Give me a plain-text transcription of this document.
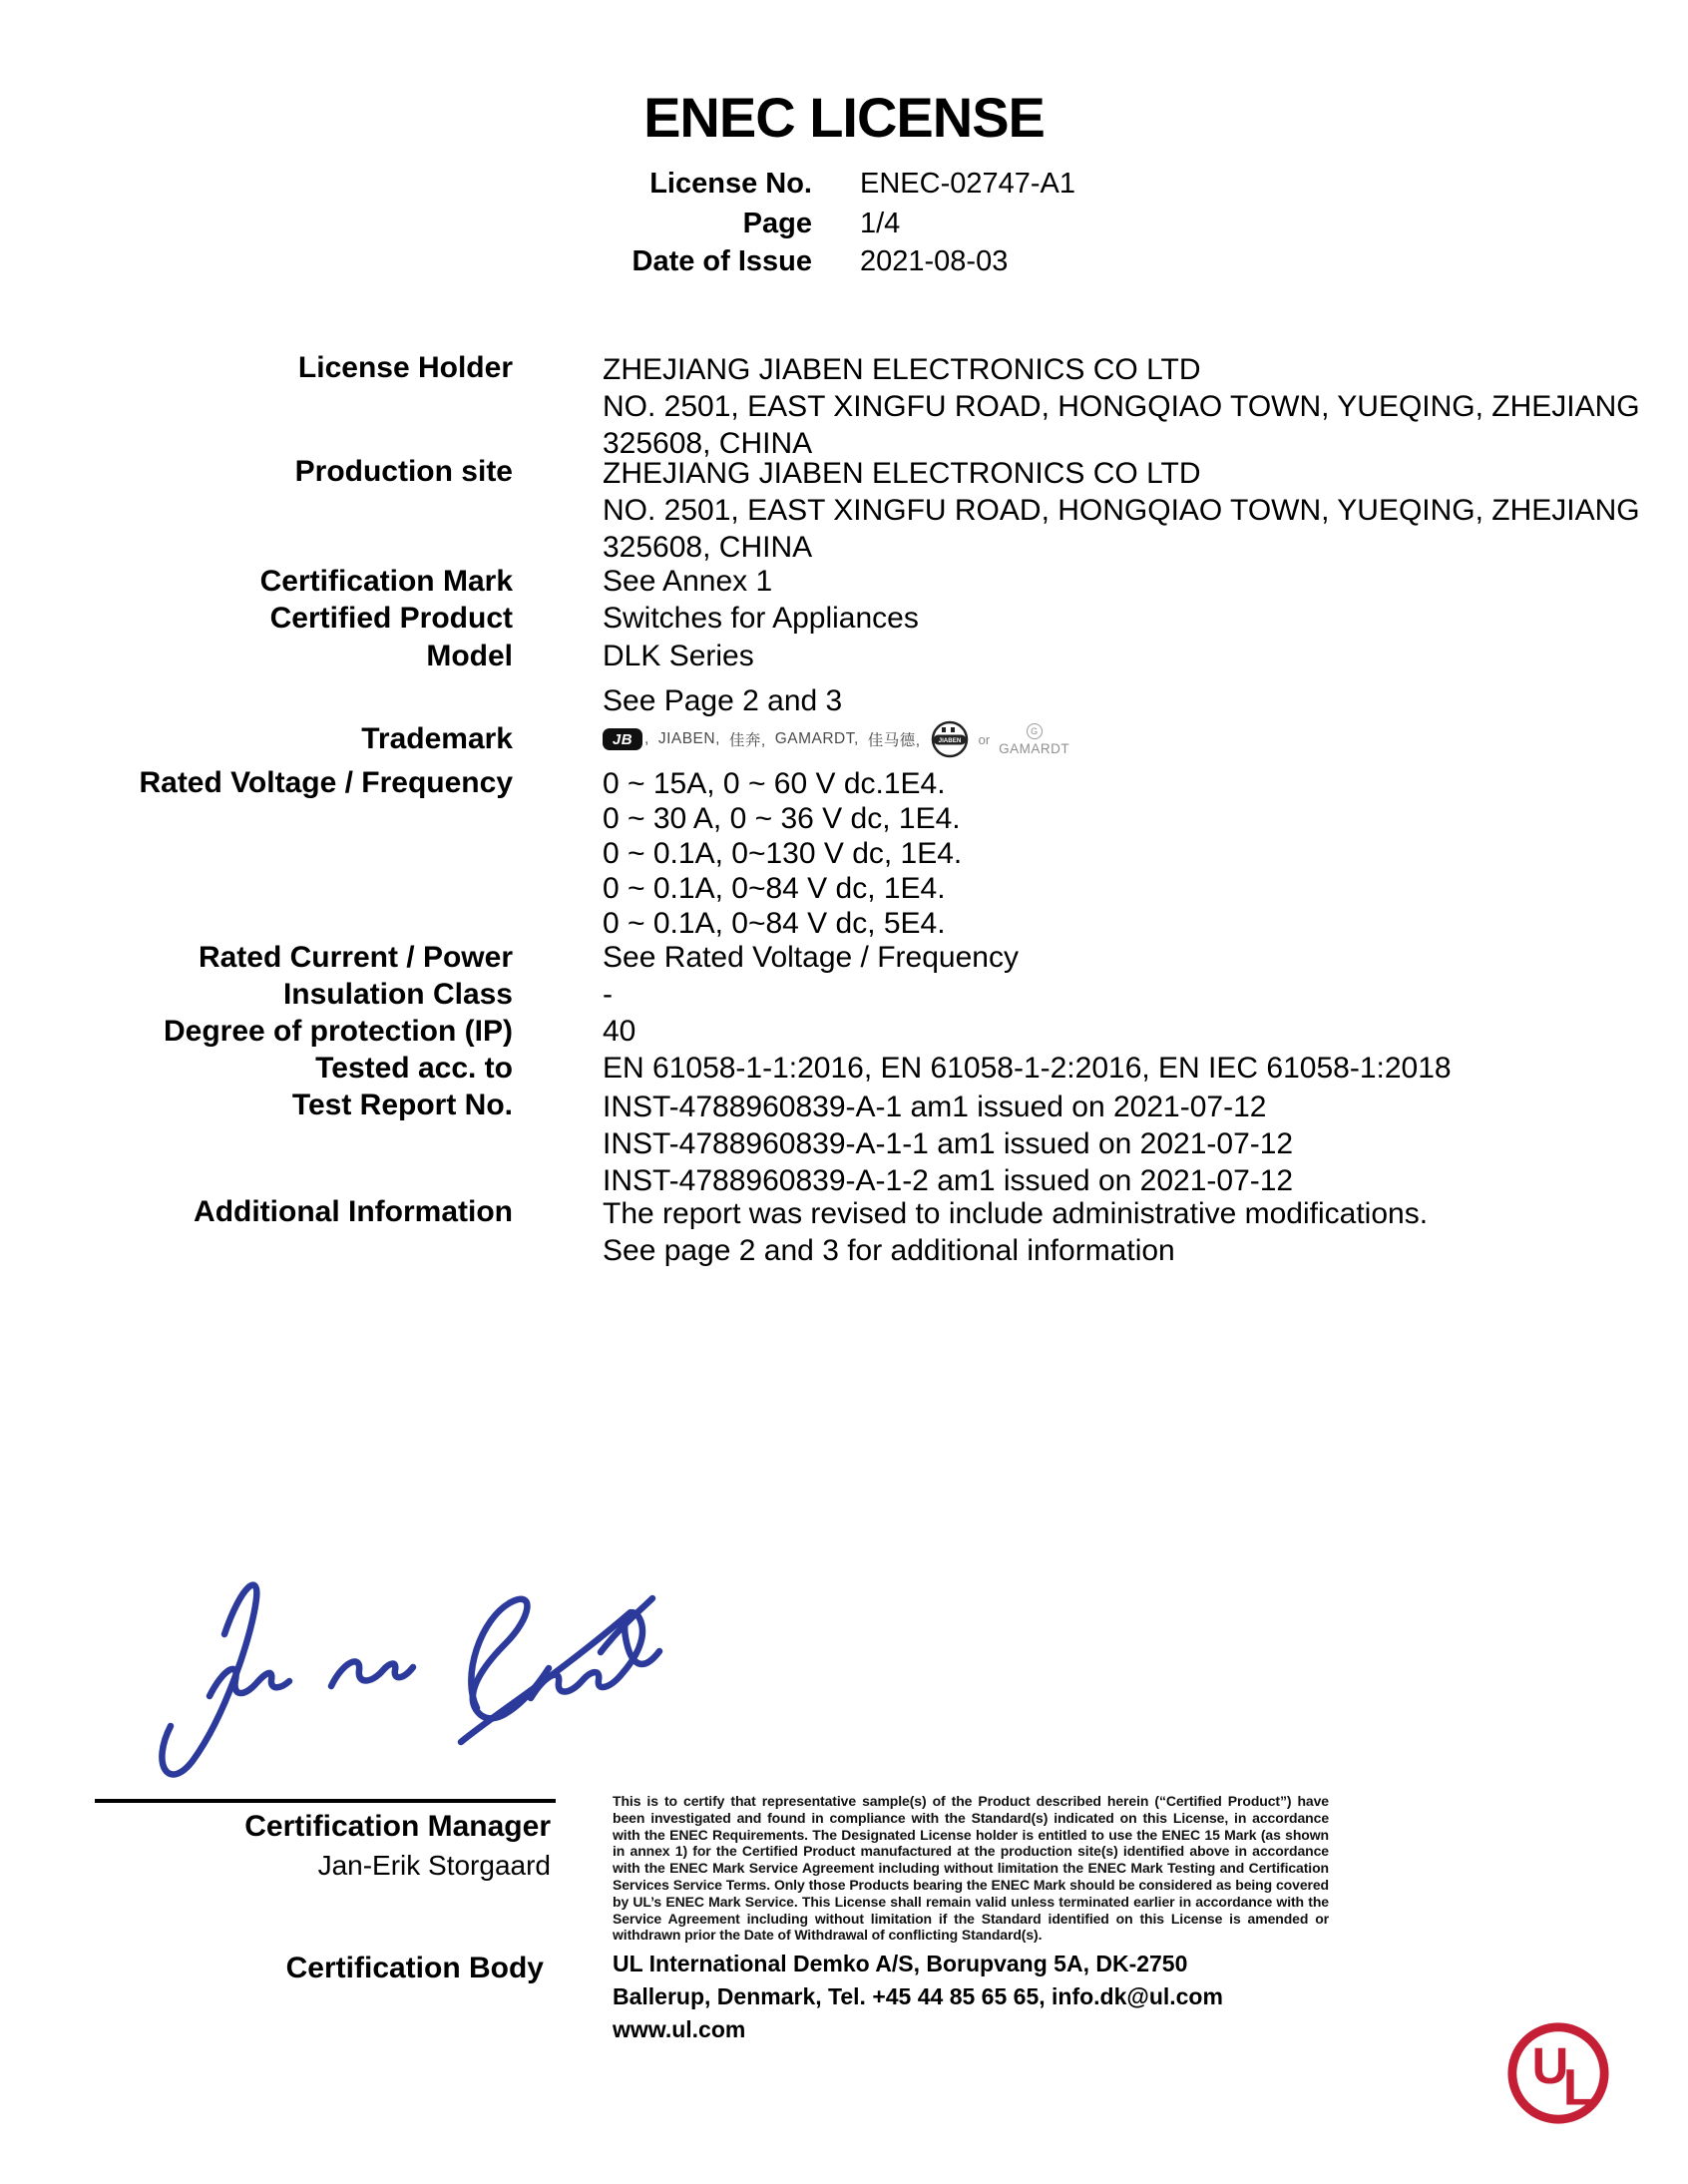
ENEC LICENSE
License No. ENEC-02747-A1
Page 1/4
Date of Issue 2021-08-03
License Holder	ZHEJIANG JIABEN ELECTRONICS CO LTD
NO. 2501, EAST XINGFU ROAD, HONGQIAO TOWN, YUEQING, ZHEJIANG
325608, CHINA
Production site	ZHEJIANG JIABEN ELECTRONICS CO LTD
NO. 2501, EAST XINGFU ROAD, HONGQIAO TOWN, YUEQING, ZHEJIANG
325608, CHINA
Certification Mark	See Annex 1
Certified Product	Switches for Appliances
Model	DLK Series
See Page 2 and 3
Trademark	JB , JIABEN, 佳奔, GAMARDT, 佳马德,	JIABEN or
G
GAMARDT
Rated Voltage / Frequency	0 ~ 15A, 0 ~ 60 V dc.1E4.
0 ~ 30 A, 0 ~ 36 V dc, 1E4.
0 ~ 0.1A, 0~130 V dc, 1E4.
0 ~ 0.1A, 0~84 V dc, 1E4.
0 ~ 0.1A, 0~84 V dc, 5E4.
Rated Current / Power	See Rated Voltage / Frequency
Insulation Class	-
Degree of protection (IP)	40
Tested acc. to	EN 61058-1-1:2016, EN 61058-1-2:2016, EN IEC 61058-1:2018
Test Report No.	INST-4788960839-A-1 am1 issued on 2021-07-12
INST-4788960839-A-1-1 am1 issued on 2021-07-12
INST-4788960839-A-1-2 am1 issued on 2021-07-12
Additional Information	The report was revised to include administrative modifications.
See page 2 and 3 for additional information
Certification Manager
Jan-Erik Storgaard
This is to certify that representative sample(s) of the Product described herein (“Certified Product”) have been investigated and found in compliance with the Standard(s) indicated on this License, in accordance with the ENEC Requirements. The Designated License holder is entitled to use the ENEC 15 Mark (as shown in annex 1) for the Certified Product manufactured at the production site(s) identified above in accordance with the ENEC Mark Service Agreement including without limitation the ENEC Mark Testing and Certification Services Service Terms. Only those Products bearing the ENEC Mark should be considered as being covered by UL’s ENEC Mark Service. This License shall remain valid unless terminated earlier in accordance with the Service Agreement including without limitation if the Standard identified on this License is amended or withdrawn prior the Date of Withdrawal of conflicting Standard(s).
Certification Body	UL International Demko A/S, Borupvang 5A, DK-2750
Ballerup, Denmark, Tel. +45 44 85 65 65, info.dk@ul.com
www.ul.com
U
L
